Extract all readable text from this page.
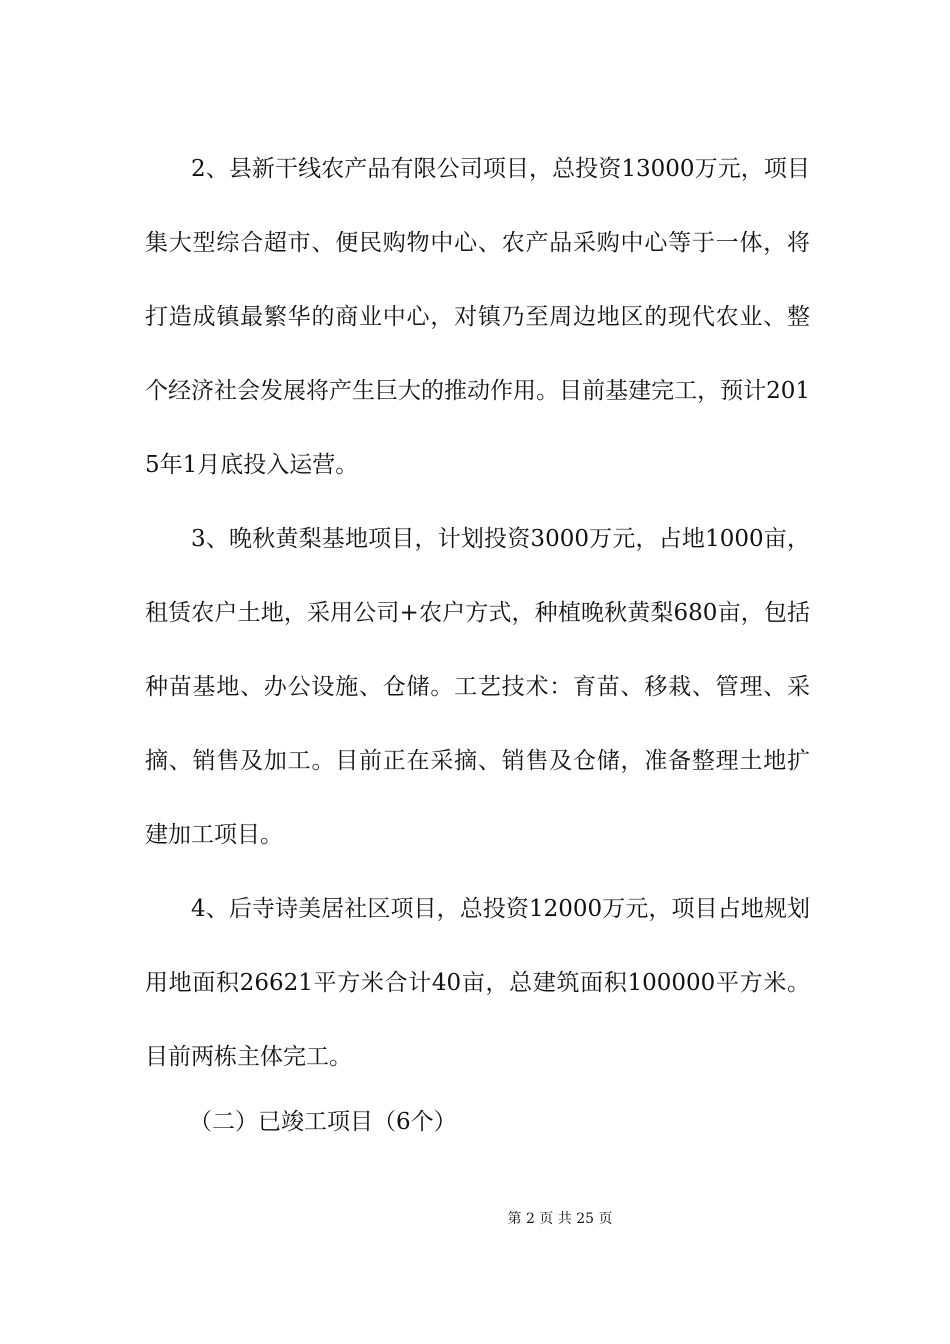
2、县新干线农产品有限公司项目，总投资13000万元，项目集大型综合超市、便民购物中心、农产品采购中心等于一体，将打造成镇最繁华的商业中心，对镇乃至周边地区的现代农业、整个经济社会发展将产生巨大的推动作用。目前基建完工，预计2015年1月底投入运营。

3、晚秋黄梨基地项目，计划投资3000万元，占地1000亩，租赁农户土地，采用公司+农户方式，种植晚秋黄梨680亩，包括种苗基地、办公设施、仓储。工艺技术：育苗、移栽、管理、采摘、销售及加工。目前正在采摘、销售及仓储，准备整理土地扩建加工项目。

4、后寺诗美居社区项目，总投资12000万元，项目占地规划用地面积26621平方米合计40亩，总建筑面积100000平方米。目前两栋主体完工。

（二）已竣工项目（6个）

第 2 页 共 25 页
